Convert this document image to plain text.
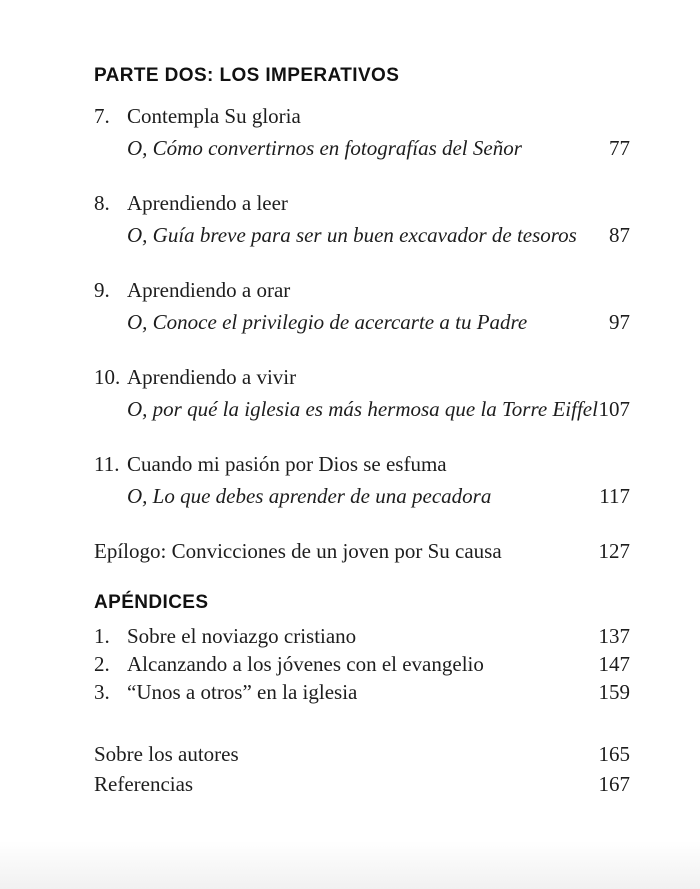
PARTE DOS: LOS IMPERATIVOS
7. Contempla Su gloria
O, Cómo convertirnos en fotografías del Señor	77
8. Aprendiendo a leer
O, Guía breve para ser un buen excavador de tesoros	87
9. Aprendiendo a orar
O, Conoce el privilegio de acercarte a tu Padre	97
10. Aprendiendo a vivir
O, por qué la iglesia es más hermosa que la Torre Eiffel 107
11. Cuando mi pasión por Dios se esfuma
O, Lo que debes aprender de una pecadora	117
Epílogo: Convicciones de un joven por Su causa	127
APÉNDICES
1. Sobre el noviazgo cristiano	137
2. Alcanzando a los jóvenes con el evangelio	147
3. “Unos a otros” en la iglesia	159
Sobre los autores	165
Referencias	167
